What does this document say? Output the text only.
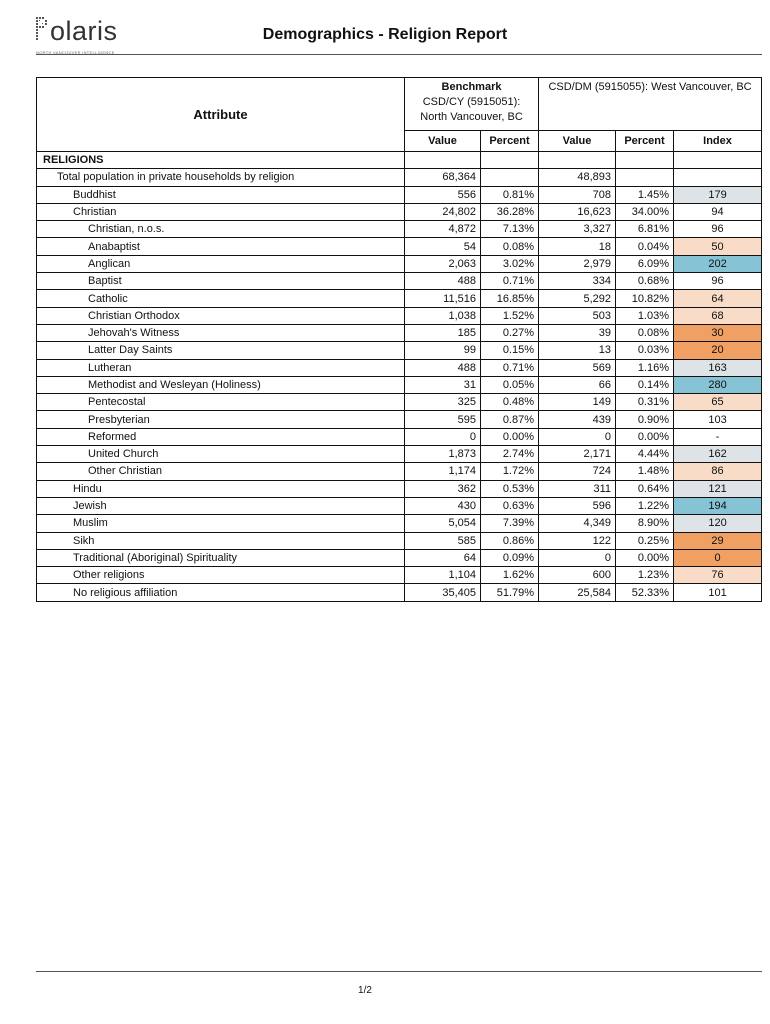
olaris
NORTH VANCOUVER INTELLIGENCE
Demographics - Religion Report
Attribute	Benchmark
CSD/CY (5915051): North Vancouver, BC		CSD/DM (5915055): West Vancouver, BC		
	Value	Percent	Value	Percent	Index
RELIGIONS					
Total population in private households by religion	68,364		48,893		
Buddhist	556	0.81%	708	1.45%	179
Christian	24,802	36.28%	16,623	34.00%	94
Christian, n.o.s.	4,872	7.13%	3,327	6.81%	96
Anabaptist	54	0.08%	18	0.04%	50
Anglican	2,063	3.02%	2,979	6.09%	202
Baptist	488	0.71%	334	0.68%	96
Catholic	11,516	16.85%	5,292	10.82%	64
Christian Orthodox	1,038	1.52%	503	1.03%	68
Jehovah's Witness	185	0.27%	39	0.08%	30
Latter Day Saints	99	0.15%	13	0.03%	20
Lutheran	488	0.71%	569	1.16%	163
Methodist and Wesleyan (Holiness)	31	0.05%	66	0.14%	280
Pentecostal	325	0.48%	149	0.31%	65
Presbyterian	595	0.87%	439	0.90%	103
Reformed	0	0.00%	0	0.00%	-
United Church	1,873	2.74%	2,171	4.44%	162
Other Christian	1,174	1.72%	724	1.48%	86
Hindu	362	0.53%	311	0.64%	121
Jewish	430	0.63%	596	1.22%	194
Muslim	5,054	7.39%	4,349	8.90%	120
Sikh	585	0.86%	122	0.25%	29
Traditional (Aboriginal) Spirituality	64	0.09%	0	0.00%	0
Other religions	1,104	1.62%	600	1.23%	76
No religious affiliation	35,405	51.79%	25,584	52.33%	101
1/2
